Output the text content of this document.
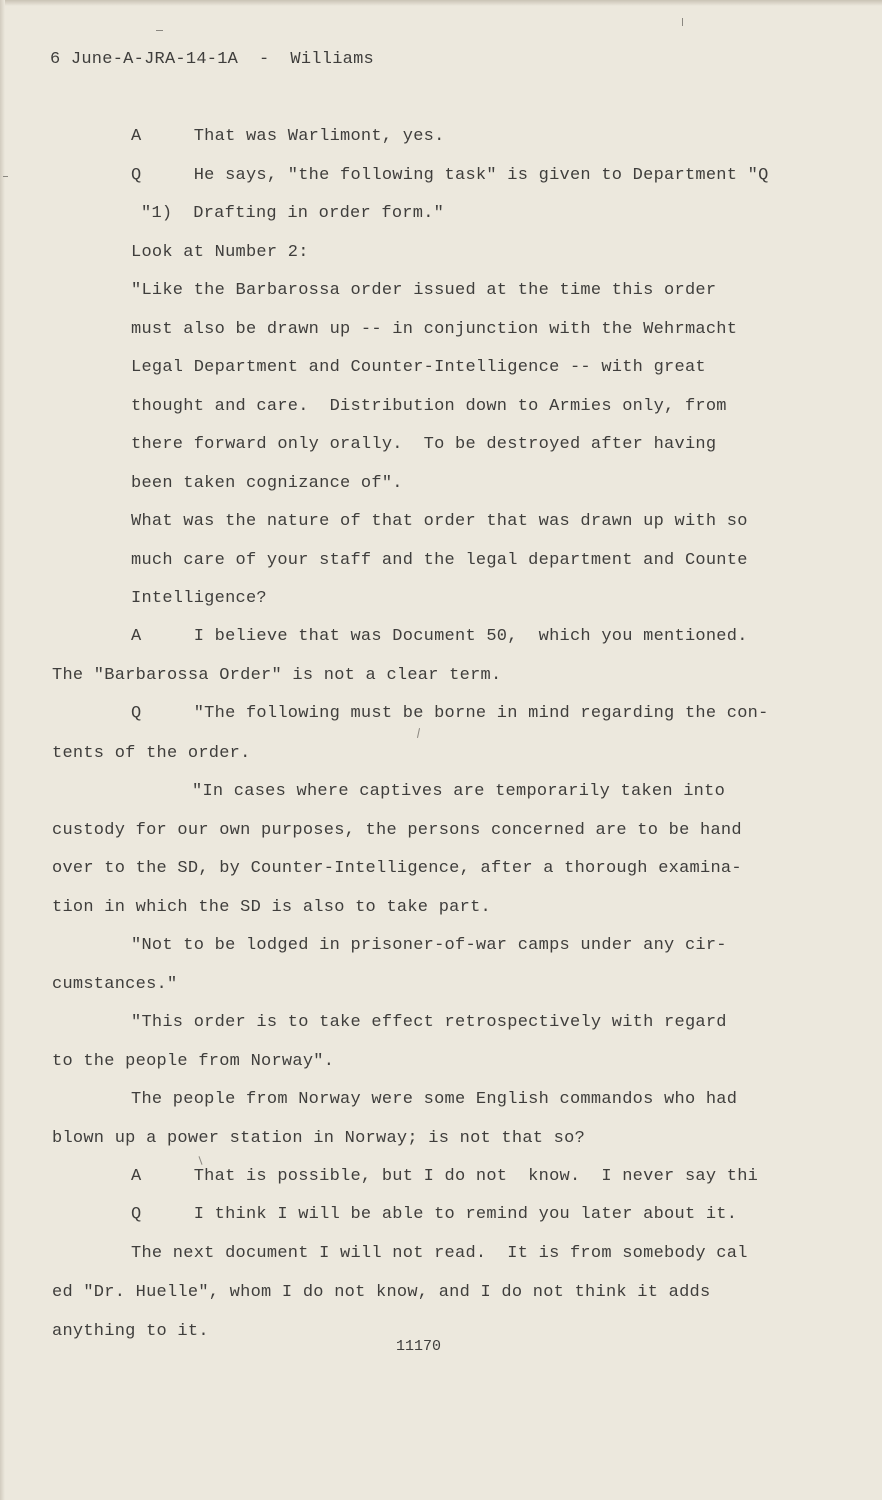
6 June-A-JRA-14-1A  -  Williams
A     That was Warlimont, yes.
Q     He says, "the following task" is given to Department "Q
"1)  Drafting in order form."
Look at Number 2:
"Like the Barbarossa order issued at the time this order
must also be drawn up -- in conjunction with the Wehrmacht
Legal Department and Counter-Intelligence -- with great
thought and care.  Distribution down to Armies only, from
there forward only orally.  To be destroyed after having
been taken cognizance of".
What was the nature of that order that was drawn up with so
much care of your staff and the legal department and Counte
Intelligence?
A     I believe that was Document 50,  which you mentioned.
The "Barbarossa Order" is not a clear term.
Q     "The following must be borne in mind regarding the con-
tents of the order.
"In cases where captives are temporarily taken into
custody for our own purposes, the persons concerned are to be hand
over to the SD, by Counter-Intelligence, after a thorough examina-
tion in which the SD is also to take part.
"Not to be lodged in prisoner-of-war camps under any cir-
cumstances."
"This order is to take effect retrospectively with regard
to the people from Norway".
The people from Norway were some English commandos who had
blown up a power station in Norway; is not that so?
A     That is possible, but I do not  know.  I never say thi
Q     I think I will be able to remind you later about it.
The next document I will not read.  It is from somebody cal
ed "Dr. Huelle", whom I do not know, and I do not think it adds
anything to it.
11170
